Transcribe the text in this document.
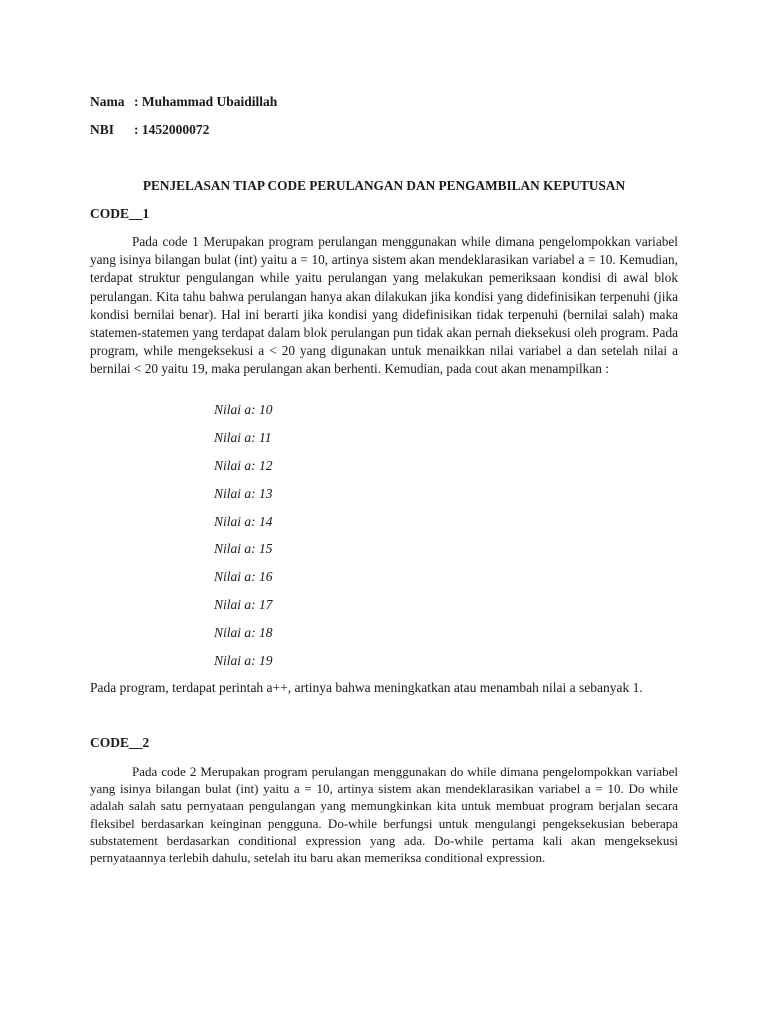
Nama : Muhammad Ubaidillah
NBI : 1452000072
PENJELASAN TIAP CODE PERULANGAN DAN PENGAMBILAN KEPUTUSAN
CODE__1

Pada code 1 Merupakan program perulangan menggunakan while dimana pengelompokkan variabel yang isinya bilangan bulat (int) yaitu a = 10, artinya sistem akan mendeklarasikan variabel a = 10. Kemudian, terdapat struktur pengulangan while yaitu perulangan yang melakukan pemeriksaan kondisi di awal blok perulangan. Kita tahu bahwa perulangan hanya akan dilakukan jika kondisi yang didefinisikan terpenuhi (jika kondisi bernilai benar). Hal ini berarti jika kondisi yang didefinisikan tidak terpenuhi (bernilai salah) maka statemen-statemen yang terdapat dalam blok perulangan pun tidak akan pernah dieksekusi oleh program. Pada program, while mengeksekusi a < 20 yang digunakan untuk menaikkan nilai variabel a dan setelah nilai a bernilai < 20 yaitu 19, maka perulangan akan berhenti. Kemudian, pada cout akan menampilkan :

Nilai a: 10
Nilai a: 11
Nilai a: 12
Nilai a: 13
Nilai a: 14
Nilai a: 15
Nilai a: 16
Nilai a: 17
Nilai a: 18
Nilai a: 19
Pada program, terdapat perintah a++, artinya bahwa meningkatkan atau menambah nilai a sebanyak 1.
CODE__2

Pada code 2 Merupakan program perulangan menggunakan do while dimana pengelompokkan variabel yang isinya bilangan bulat (int) yaitu a = 10, artinya sistem akan mendeklarasikan variabel a = 10. Do while adalah salah satu pernyataan pengulangan yang memungkinkan kita untuk membuat program berjalan secara fleksibel berdasarkan keinginan pengguna. Do-while berfungsi untuk mengulangi pengeksekusian beberapa substatement berdasarkan conditional expression yang ada. Do-while pertama kali akan mengeksekusi pernyataannya terlebih dahulu, setelah itu baru akan memeriksa conditional expression.
